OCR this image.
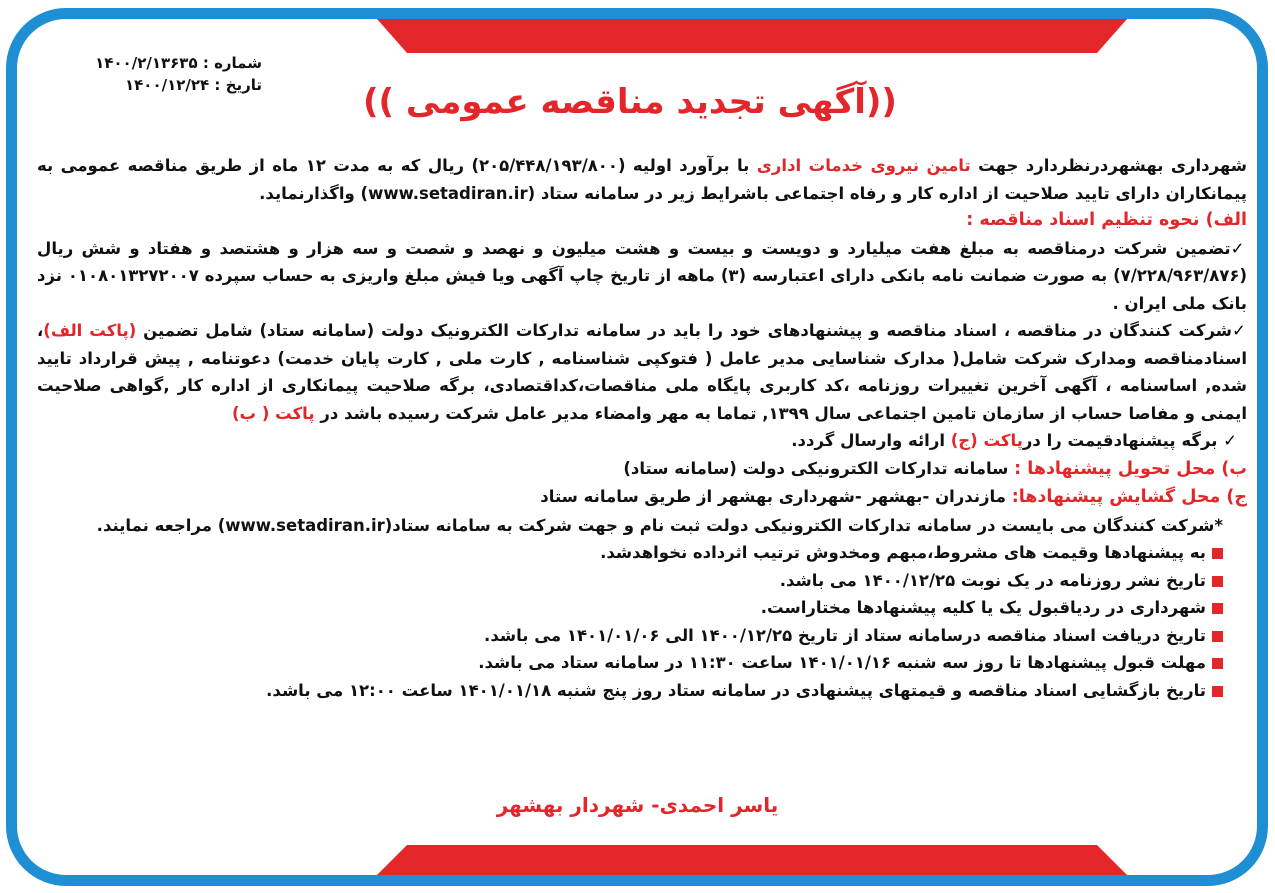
شماره : ۱۴۰۰/۲/۱۳۶۳۵
تاریخ : ۱۴۰۰/۱۲/۲۴	((آگهی تجدید مناقصه عمومی ))

شهرداری بهشهردرنظردارد جهت تامین نیروی خدمات اداری با برآورد اولیه (۲۰۵/۴۴۸/۱۹۳/۸۰۰) ریال که به مدت ۱۲ ماه از طریق مناقصه عمومی به پیمانکاران دارای تایید صلاحیت از اداره کار و رفاه اجتماعی باشرایط زیر در سامانه ستاد (www.setadiran.ir) واگذارنماید.

الف) نحوه تنظیم اسناد مناقصه :

✓تضمین شرکت درمناقصه به مبلغ هفت میلیارد و دویست و بیست و هشت میلیون و نهصد و شصت و سه هزار و هشتصد و هفتاد و شش ریال (۷/۲۲۸/۹۶۳/۸۷۶) به صورت ضمانت نامه بانکی دارای اعتبارسه (۳) ماهه از تاریخ چاپ آگهی ویا فیش مبلغ واریزی به حساب سپرده ۰۱۰۸۰۱۳۲۷۲۰۰۷ نزد بانک ملی ایران .

✓شرکت کنندگان در مناقصه ، اسناد مناقصه و پیشنهادهای خود را باید در سامانه تدارکات الکترونیک دولت (سامانه ستاد) شامل تضمین (پاکت الف)، اسنادمناقصه ومدارک شرکت شامل( مدارک شناسایی مدیر عامل ( فتوکپی شناسنامه , کارت ملی , کارت پایان خدمت) دعوتنامه , پیش قرارداد تایید شده, اساسنامه ، آگهی آخرین تغییرات روزنامه ،کد کاربری پایگاه ملی مناقصات،کداقتصادی، برگه صلاحیت پیمانکاری از اداره کار ,گواهی صلاحیت ایمنی و مفاصا حساب از سازمان تامین اجتماعی سال ۱۳۹۹, تماما به مهر وامضاء مدیر عامل شرکت رسیده باشد در پاکت ( ب)

✓ برگه پیشنهادقیمت را درپاکت (ج) ارائه وارسال گردد.

ب) محل تحویل پیشنهادها : سامانه تدارکات الکترونیکی دولت (سامانه ستاد)

ج) محل گشایش پیشنهادها: مازندران -بهشهر -شهرداری بهشهر از طریق سامانه ستاد

*شرکت کنندگان می بایست در سامانه تدارکات الکترونیکی دولت ثبت نام و جهت شرکت به سامانه ستاد(www.setadiran.ir) مراجعه نمایند.

به پیشنهادها وقیمت های مشروط،مبهم ومخدوش ترتیب اثرداده نخواهدشد.

تاریخ نشر روزنامه در یک نوبت ۱۴۰۰/۱۲/۲۵ می باشد.

شهرداری در ردیاقبول یک یا کلیه پیشنهادها مختاراست.

تاریخ دریافت اسناد مناقصه درسامانه ستاد از تاریخ ۱۴۰۰/۱۲/۲۵ الی ۱۴۰۱/۰۱/۰۶ می باشد.

مهلت قبول پیشنهادها تا روز سه شنبه ۱۴۰۱/۰۱/۱۶ ساعت ۱۱:۳۰ در سامانه ستاد می باشد.

تاریخ بازگشایی اسناد مناقصه و قیمتهای پیشنهادی در سامانه ستاد روز پنج شنبه ۱۴۰۱/۰۱/۱۸ ساعت ۱۲:۰۰ می باشد.

یاسر احمدی- شهردار بهشهر
